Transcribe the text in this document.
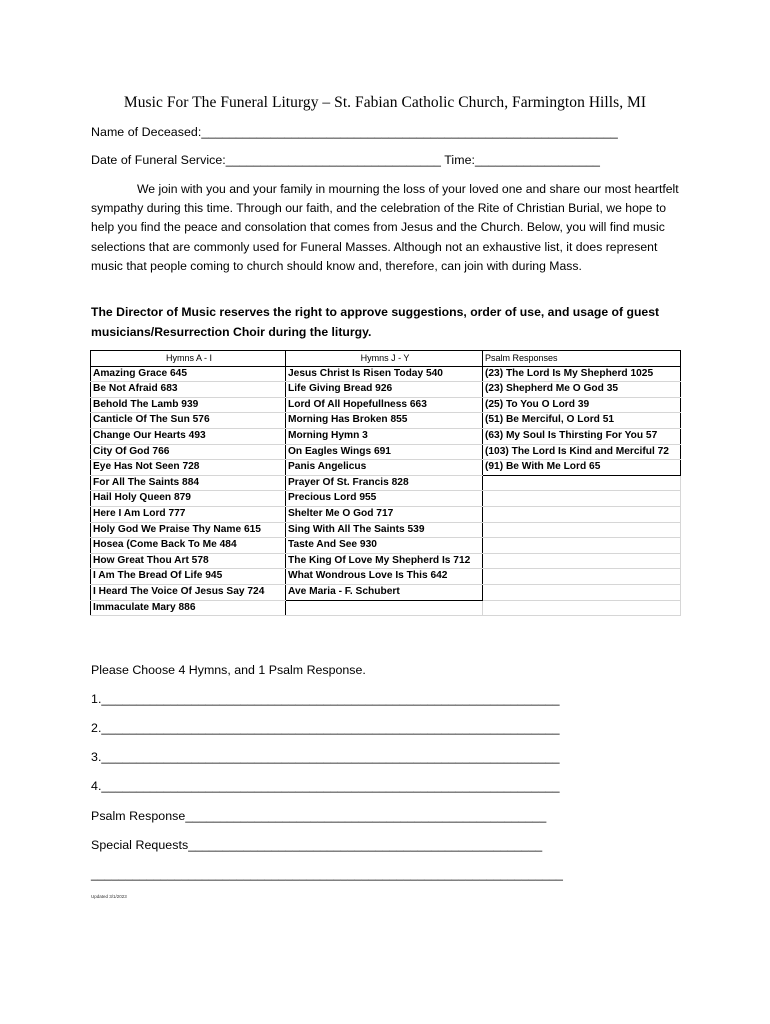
Music For The Funeral Liturgy – St. Fabian Catholic Church, Farmington Hills, MI
Name of Deceased:____________________________________________________________
Date of Funeral Service:_______________________________ Time:__________________
We join with you and your family in mourning the loss of your loved one and share our most heartfelt sympathy during this time. Through our faith, and the celebration of the Rite of Christian Burial, we hope to help you find the peace and consolation that comes from Jesus and the Church. Below, you will find music selections that are commonly used for Funeral Masses. Although not an exhaustive list, it does represent music that people coming to church should know and, therefore, can join with during Mass.
The Director of Music reserves the right to approve suggestions, order of use, and usage of guest musicians/Resurrection Choir during the liturgy.
Hymns A - I	Hymns J - Y	Psalm Responses
Amazing Grace 645	Jesus Christ Is Risen Today 540	(23) The Lord Is My Shepherd 1025
Be Not Afraid 683	Life Giving Bread 926	(23) Shepherd Me O God 35
Behold The Lamb 939	Lord Of All Hopefullness 663	(25) To You O Lord 39
Canticle Of The Sun 576	Morning Has Broken 855	(51) Be Merciful, O Lord 51
Change Our Hearts 493	Morning Hymn 3	(63) My Soul Is Thirsting For You 57
City Of God 766	On Eagles Wings 691	(103) The Lord Is Kind and Merciful 72
Eye Has Not Seen 728	Panis Angelicus	(91) Be With Me Lord 65
For All The Saints 884	Prayer Of St. Francis 828	
Hail Holy Queen 879	Precious Lord 955	
Here I Am Lord 777	Shelter Me O God 717	
Holy God We Praise Thy Name 615	Sing With All The Saints 539	
Hosea (Come Back To Me 484	Taste And See 930	
How Great Thou Art 578	The King Of Love My Shepherd Is 712	
I Am The Bread Of Life 945	What Wondrous Love Is This 642	
I Heard The Voice Of Jesus Say 724	Ave Maria - F. Schubert	
Immaculate Mary 886		
Please Choose 4 Hymns, and 1 Psalm Response.
1.__________________________________________________________________
2.__________________________________________________________________
3.__________________________________________________________________
4.__________________________________________________________________
Psalm Response____________________________________________________
Special Requests___________________________________________________
____________________________________________________________________
Updated 3/1/2023
